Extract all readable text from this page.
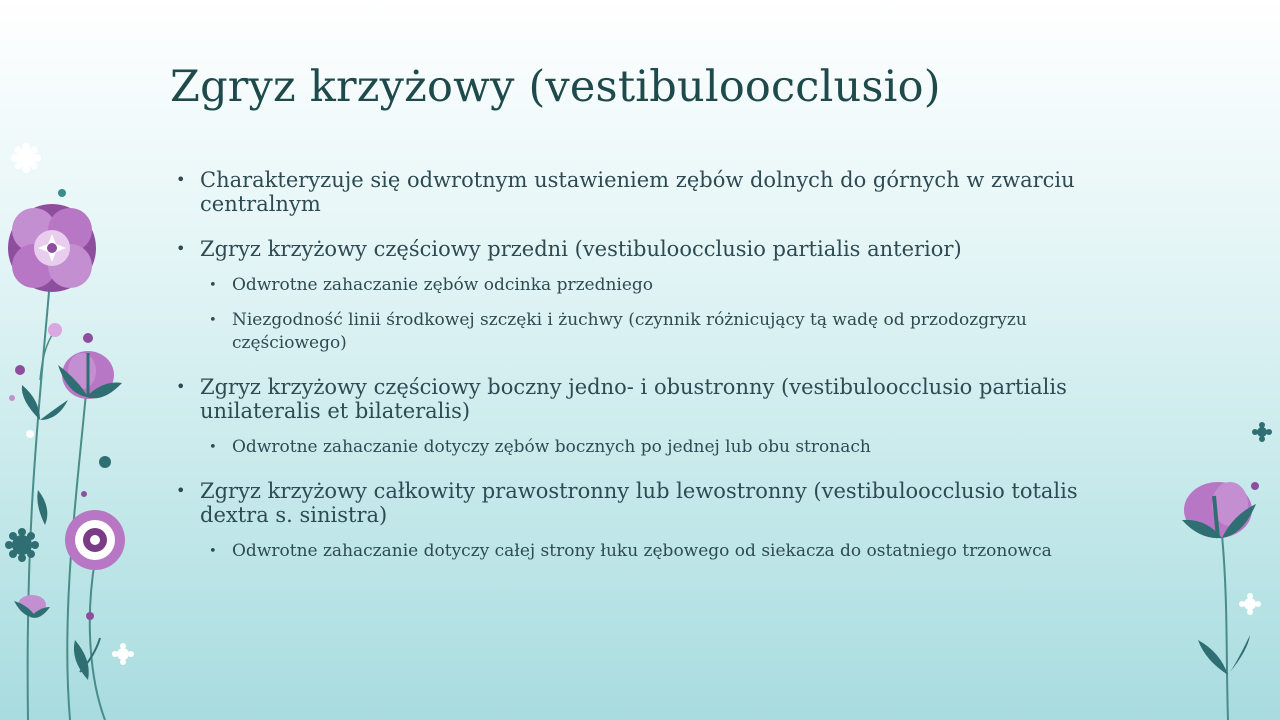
Zgryz krzyżowy (vestibuloocclusio)
• Charakteryzuje się odwrotnym ustawieniem zębów dolnych do górnych w zwarciu centralnym
• Zgryz krzyżowy częściowy przedni (vestibuloocclusio partialis anterior)
• Odwrotne zahaczanie zębów odcinka przedniego
• Niezgodność linii środkowej szczęki i żuchwy (czynnik różnicujący tą wadę od przodozgryzu częściowego)
• Zgryz krzyżowy częściowy boczny jedno- i obustronny (vestibuloocclusio partialis unilateralis et bilateralis)
• Odwrotne zahaczanie dotyczy zębów bocznych po jednej lub obu stronach
• Zgryz krzyżowy całkowity prawostronny lub lewostronny (vestibuloocclusio totalis dextra s. sinistra)
• Odwrotne zahaczanie dotyczy całej strony łuku zębowego od siekacza do ostatniego trzonowca
